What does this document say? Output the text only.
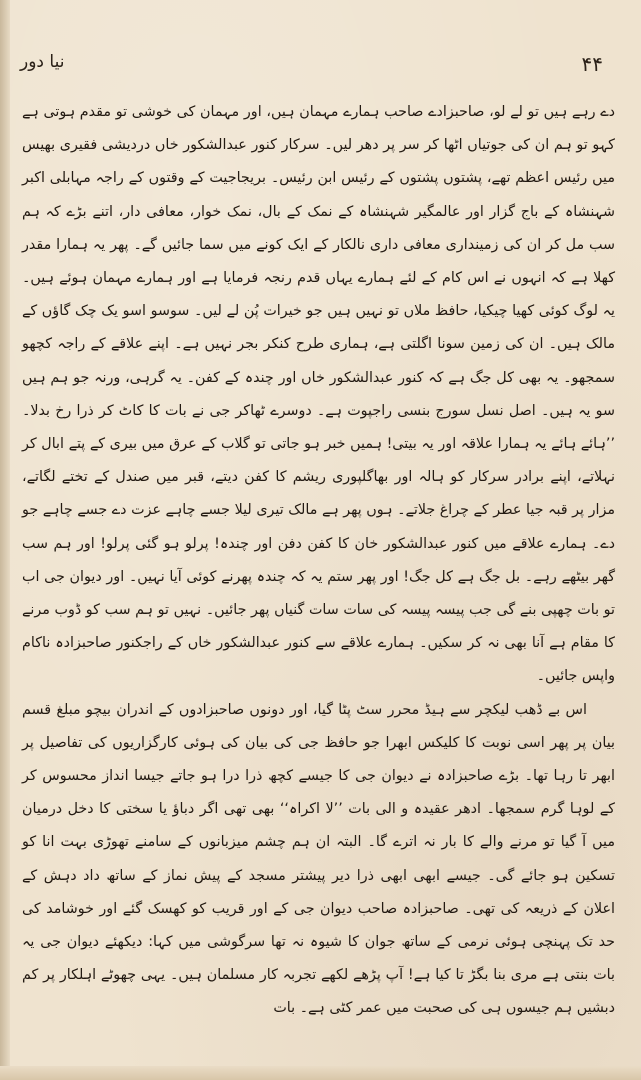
نیا دور	۴۴

دے رہے ہیں تو لے لو، صاحبزادے صاحب ہمارے مہمان ہیں، اور مہمان کی خوشی تو مقدم ہوتی ہے کہو تو ہم ان کی جوتیاں اٹھا کر سر پر دھر لیں۔ سرکار کنور عبدالشکور خاں دردیشی فقیری بھیس میں رئیس اعظم تھے، پشتوں پشتوں کے رئیس ابن رئیس۔ بریجاجیت کے وقتوں کے راجہ مہابلی اکبر شہنشاہ کے باج گزار اور عالمگیر شہنشاہ کے نمک کے بال، نمک خوار، معافی دار، اتنے بڑے کہ ہم سب مل کر ان کی زمینداری معافی داری نالکار کے ایک کونے میں سما جائیں گے۔ پھر یہ ہمارا مقدر کھلا ہے کہ انہوں نے اس کام کے لئے ہمارے یہاں قدم رنجہ فرمایا ہے اور ہمارے مہمان ہوئے ہیں۔ یہ لوگ کوئی کھیا چیکیا، حافظ ملاں تو نہیں ہیں جو خیرات پُن لے لیں۔ سوسو اسو یک چک گاؤں کے مالک ہیں۔ ان کی زمین سونا اگلتی ہے، ہماری طرح کنکر بجر نہیں ہے۔ اپنے علاقے کے راجہ کچھو سمجھو۔ یہ بھی کل جگ ہے کہ کنور عبدالشکور خاں اور چندہ کے کفن۔ یہ گرہی، ورنہ جو ہم ہیں سو یہ ہیں۔ اصل نسل سورج بنسی راجپوت ہے۔ دوسرے ٹھاکر جی نے بات کا کاٹ کر ذرا رخ بدلا۔ ’’ہائے ہائے یہ ہمارا علاقہ اور یہ بیتی! ہمیں خبر ہو جاتی تو گلاب کے عرق میں بیری کے پتے ابال کر نہلاتے، اپنے برادر سرکار کو ہالہ اور بھاگلپوری ریشم کا کفن دیتے، قبر میں صندل کے تختے لگاتے، مزار پر قبہ جیا عطر کے چراغ جلاتے۔ ہوں پھر ہے مالک تیری لیلا جسے چاہے عزت دے جسے چاہے جو دے۔ ہمارے علاقے میں کنور عبدالشکور خان کا کفن دفن اور چندہ! پرلو ہو گئی پرلو! اور ہم سب گھر بیٹھے رہے۔ بل جگ ہے کل جگ! اور پھر ستم یہ کہ چندہ پھرنے کوئی آیا نہیں۔ اور دیوان جی اب تو بات چھپی بنے گی جب پیسہ پیسہ کی سات سات گنیاں پھر جائیں۔ نہیں تو ہم سب کو ڈوب مرنے کا مقام ہے آنا بھی نہ کر سکیں۔ ہمارے علاقے سے کنور عبدالشکور خاں کے راجکنور صاحبزادہ ناکام واپس جائیں۔

اس بے ڈھب لیکچر سے ہیڈ محرر سٹ پٹا گیا، اور دونوں صاحبزادوں کے اندران بیچو مبلغ قسم بیان پر پھر اسی نوبت کا کلیکس ابھرا جو حافظ جی کی بیان کی ہوئی کارگزاریوں کی تفاصیل پر ابھر تا رہا تھا۔ بڑے صاحبزادہ نے دیوان جی کا جیسے کچھ ذرا درا ہو جاتے جیسا انداز محسوس کر کے لوہا گرم سمجھا۔ ادھر عقیدہ و الی بات ’’لا اکراہ‘‘ بھی تھی اگر دباؤ یا سختی کا دخل درمیان میں آ گیا تو مرنے والے کا بار نہ اترے گا۔ البتہ ان ہم چشم میزبانوں کے سامنے تھوڑی بہت انا کو تسکین ہو جائے گی۔ جیسے ابھی ابھی ذرا دیر پیشتر مسجد کے پیش نماز کے ساتھ داد دہش کے اعلان کے ذریعہ کی تھی۔ صاحبزادہ صاحب دیوان جی کے اور قریب کو کھسک گئے اور خوشامد کی حد تک پہنچی ہوئی نرمی کے ساتھ جوان کا شیوہ نہ تھا سرگوشی میں کہا: دیکھئے دیوان جی یہ بات بنتی ہے مری بنا بگڑ تا کیا ہے! آپ پڑھے لکھے تجربہ کار مسلمان ہیں۔ یہی چھوٹے اہلکار پر کم دبشیں ہم جیسوں ہی کی صحبت میں عمر کٹی ہے۔ بات
